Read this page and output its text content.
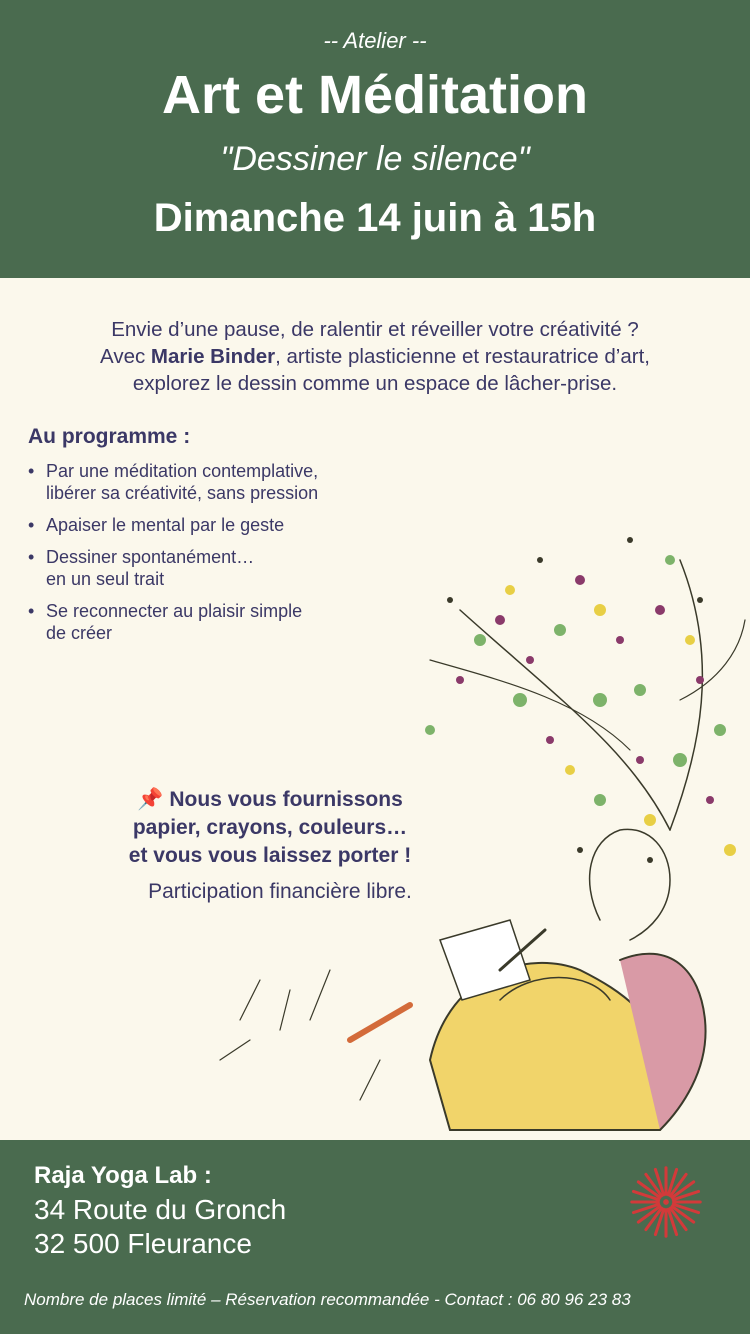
-- Atelier --
Art et Méditation
"Dessiner le silence"
Dimanche 14 juin à 15h
Envie d’une pause, de ralentir et réveiller votre créativité ?
Avec Marie Binder, artiste plasticienne et restauratrice d’art,
explorez le dessin comme un espace de lâcher-prise.
Au programme :
• Par une méditation contemplative,
libérer sa créativité, sans pression
• Apaiser le mental par le geste
• Dessiner spontanément…
en un seul trait
• Se reconnecter au plaisir simple
de créer
📌 Nous vous fournissons
papier, crayons, couleurs…
et vous vous laissez porter !
Participation financière libre.
Raja Yoga Lab :
34 Route du Gronch
32 500 Fleurance
Nombre de places limité – Réservation recommandée - Contact : 06 80 96 23 83
